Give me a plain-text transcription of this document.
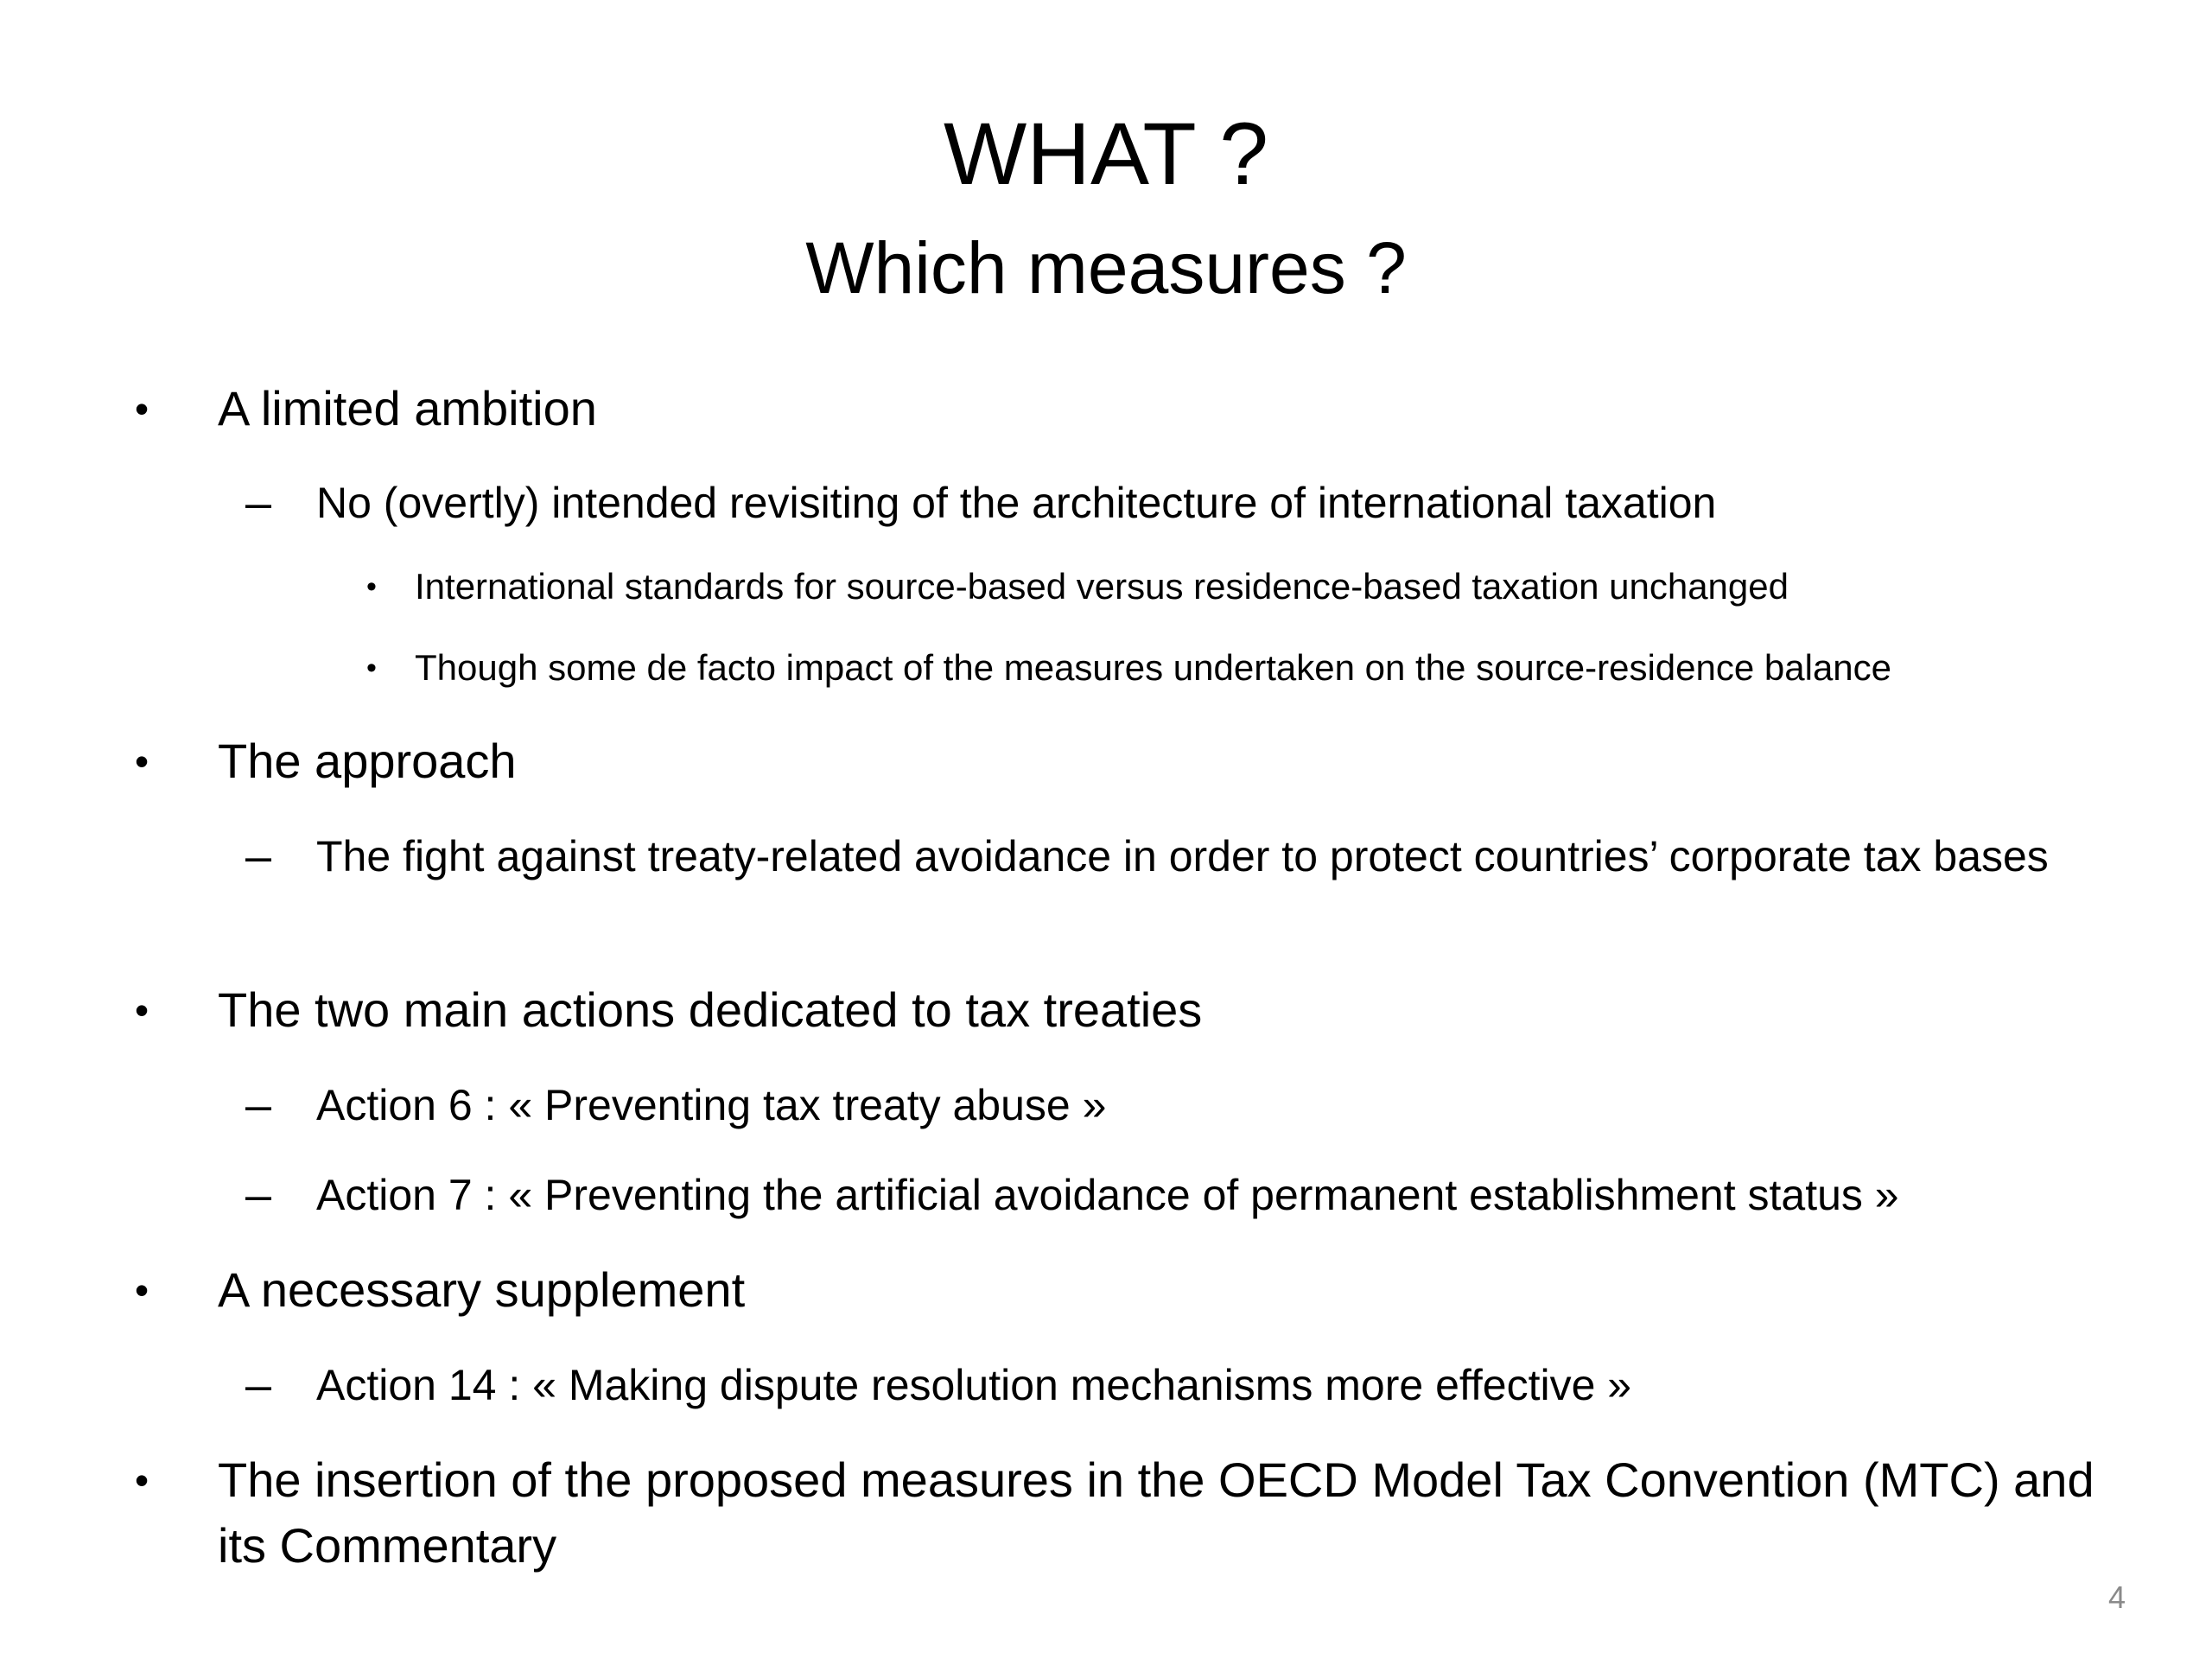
WHAT ?
Which measures ?
• A limited ambition
– No (overtly) intended revisiting of the architecture of international taxation
• International standards for source-based versus residence-based taxation unchanged
• Though some de facto impact of the measures undertaken on the source-residence balance
• The approach
– The fight against treaty-related avoidance in order to protect countries’ corporate tax bases
• The two main actions dedicated to tax treaties
– Action 6 : « Preventing tax treaty abuse »
– Action 7 : « Preventing the artificial avoidance of permanent establishment status »
• A necessary supplement
– Action 14 : « Making dispute resolution mechanisms more effective »
• The insertion of the proposed measures in the OECD Model Tax Convention (MTC) and its Commentary
4
